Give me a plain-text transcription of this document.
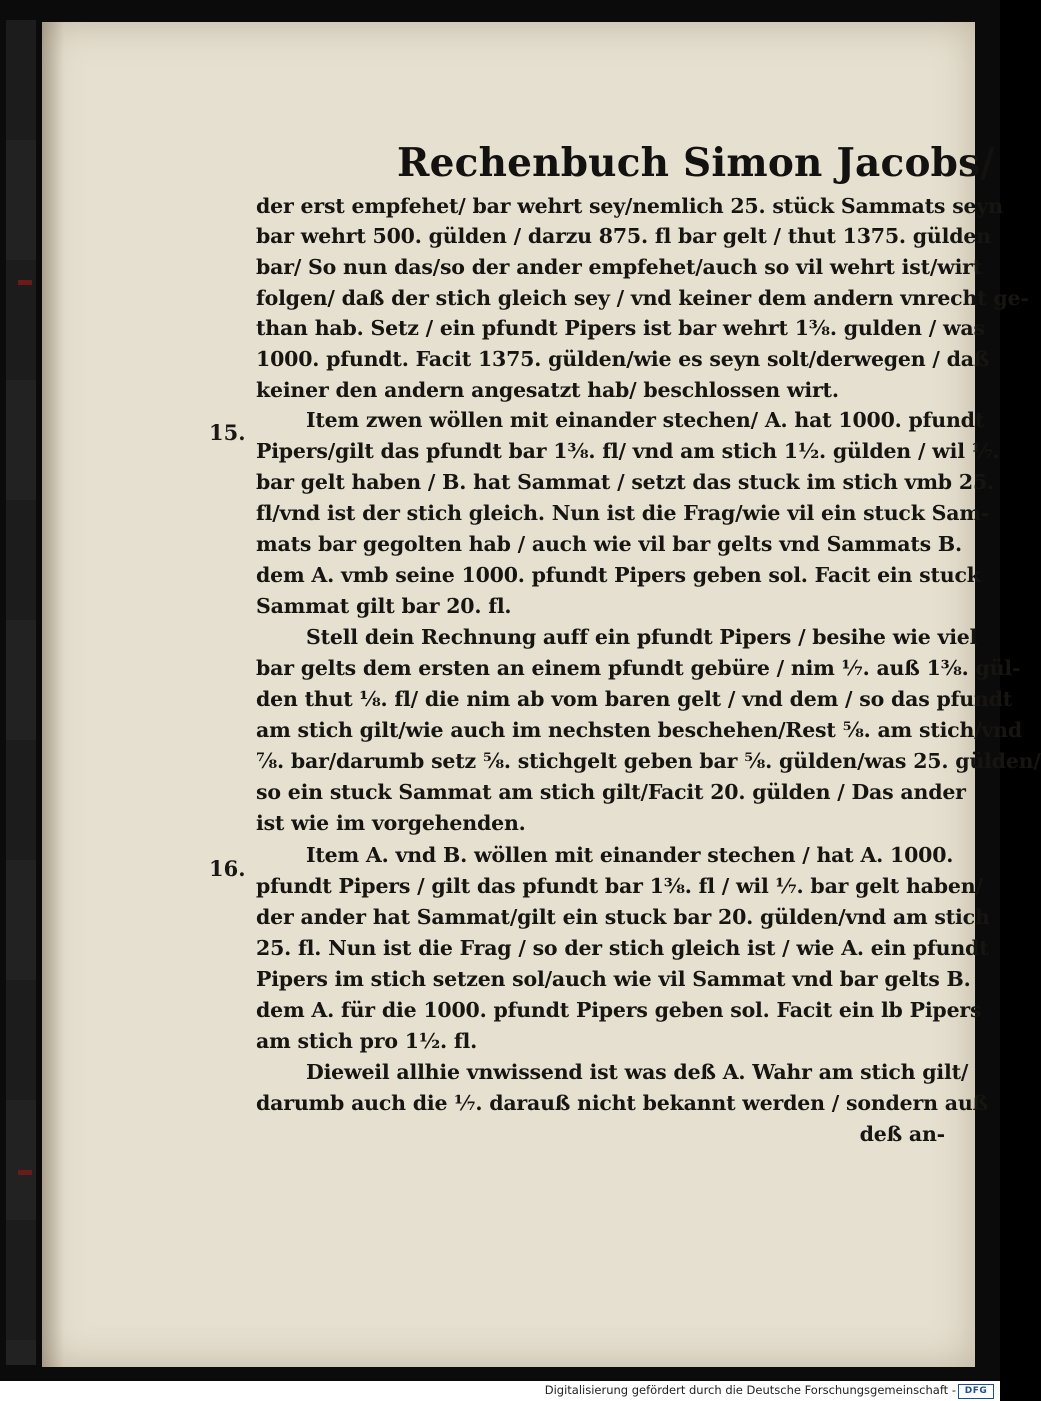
Rechenbuch Simon Jacobs/
15.
16.
der erst empfehet/ bar wehrt sey/nemlich 25. stück Sammats seyn
bar wehrt 500. gülden / darzu 875. fl bar gelt / thut 1375. gülden
bar/ So nun das/so der ander empfehet/auch so vil wehrt ist/wirt
folgen/ daß der stich gleich sey / vnd keiner dem andern vnrecht ge-
than hab. Setz / ein pfundt Pipers ist bar wehrt 1⅜. gulden / was
1000. pfundt. Facit 1375. gülden/wie es seyn solt/derwegen / daß
keiner den andern angesatzt hab/ beschlossen wirt.
Item zwen wöllen mit einander stechen/ A. hat 1000. pfundt
Pipers/gilt das pfundt bar 1⅜. fl/ vnd am stich 1½. gülden / wil ⅐.
bar gelt haben / B. hat Sammat / setzt das stuck im stich vmb 25.
fl/vnd ist der stich gleich. Nun ist die Frag/wie vil ein stuck Sam-
mats bar gegolten hab / auch wie vil bar gelts vnd Sammats B.
dem A. vmb seine 1000. pfundt Pipers geben sol. Facit ein stuck
Sammat gilt bar 20. fl.
Stell dein Rechnung auff ein pfundt Pipers / besihe wie viel
bar gelts dem ersten an einem pfundt gebüre / nim ⅐. auß 1⅜. gül-
den thut ⅛. fl/ die nim ab vom baren gelt / vnd dem / so das pfundt
am stich gilt/wie auch im nechsten beschehen/Rest ⅝. am stich/vnd
⅞. bar/darumb setz ⅝. stichgelt geben bar ⅝. gülden/was 25. gülden/
so ein stuck Sammat am stich gilt/Facit 20. gülden / Das ander
ist wie im vorgehenden.
Item A. vnd B. wöllen mit einander stechen / hat A. 1000.
pfundt Pipers / gilt das pfundt bar 1⅜. fl / wil ⅐. bar gelt haben/
der ander hat Sammat/gilt ein stuck bar 20. gülden/vnd am stich
25. fl. Nun ist die Frag / so der stich gleich ist / wie A. ein pfundt
Pipers im stich setzen sol/auch wie vil Sammat vnd bar gelts B.
dem A. für die 1000. pfundt Pipers geben sol. Facit ein lb Pipers
am stich pro 1½. fl.
Dieweil allhie vnwissend ist was deß A. Wahr am stich gilt/
darumb auch die ⅐. darauß nicht bekannt werden / sondern auß
deß an-
Digitalisierung gefördert durch die Deutsche Forschungsgemeinschaft - DFG
